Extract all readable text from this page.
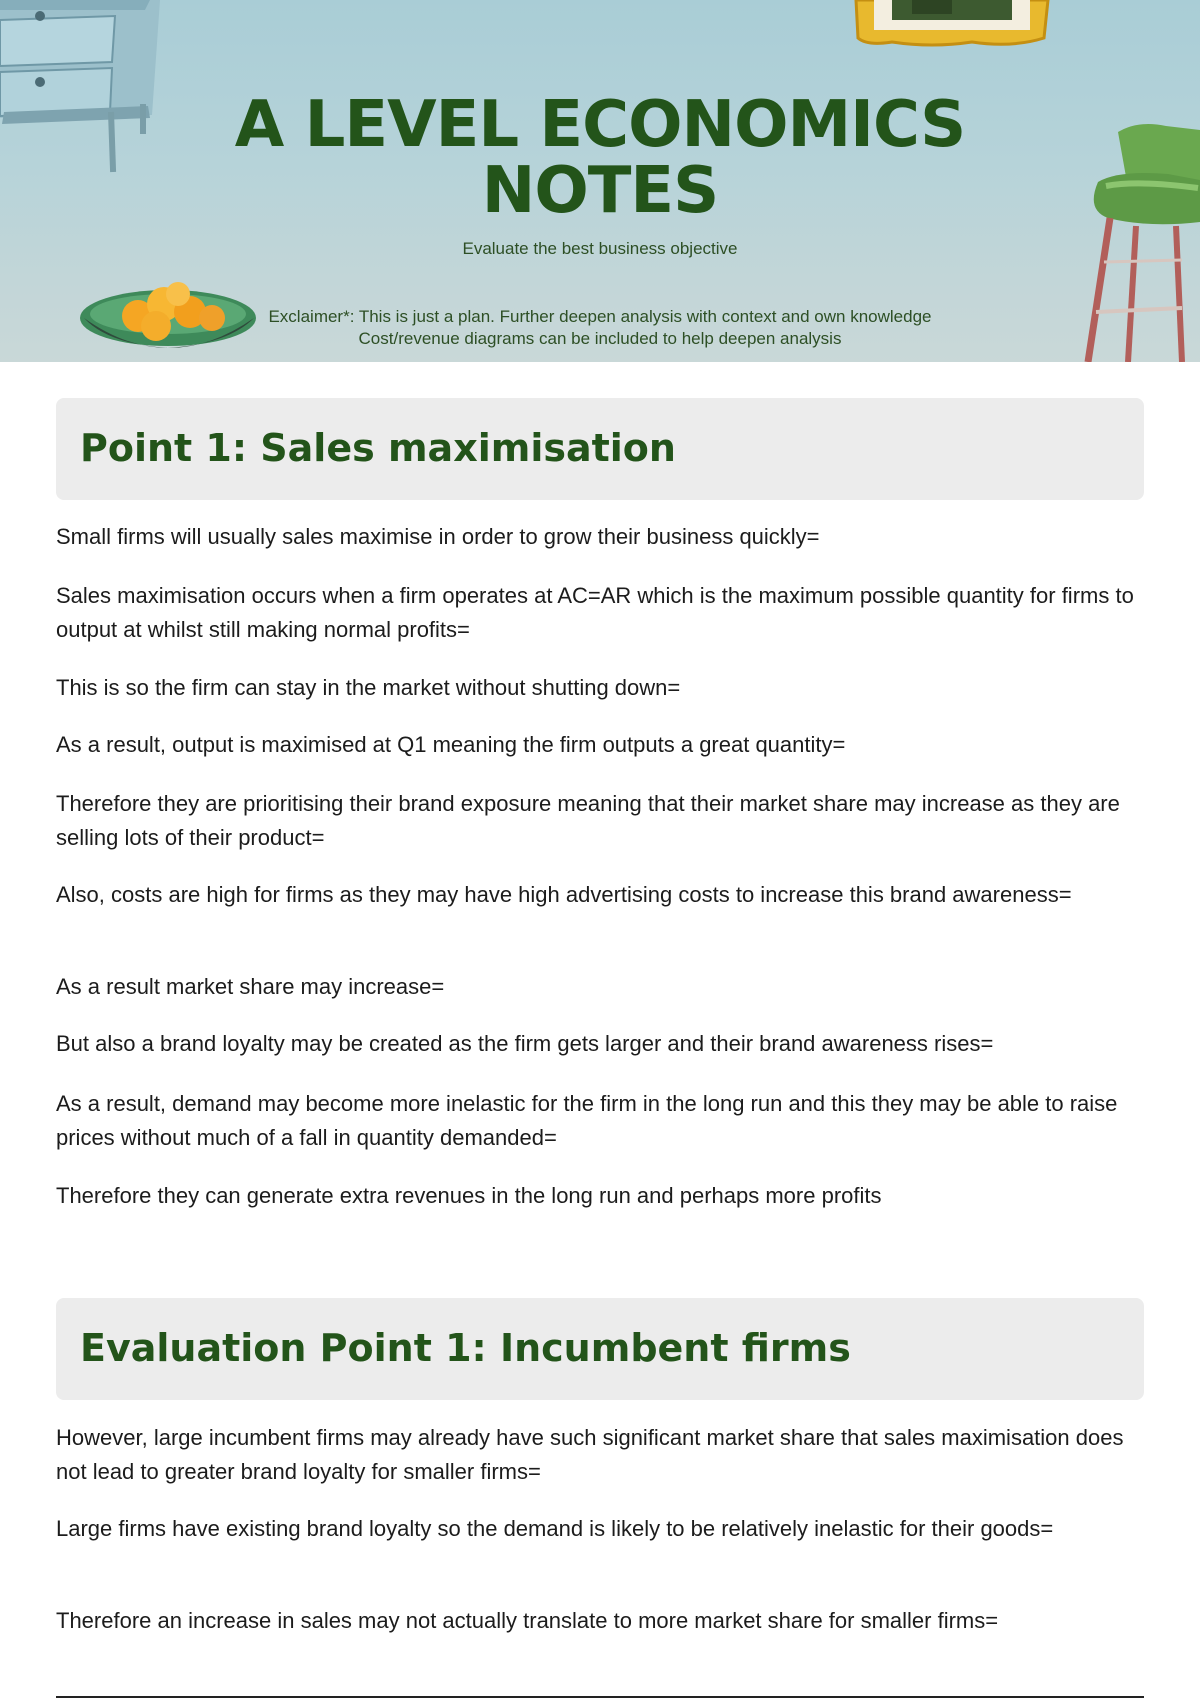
A LEVEL ECONOMICS
NOTES
Evaluate the best business objective
Exclaimer*: This is just a plan. Further deepen analysis with context and own knowledge
Cost/revenue diagrams can be included to help deepen analysis
Point 1: Sales maximisation

Small firms will usually sales maximise in order to grow their business quickly=

Sales maximisation occurs when a firm operates at AC=AR which is the maximum possible quantity for firms to output at whilst still making normal profits=

This is so the firm can stay in the market without shutting down=

As a result, output is maximised at Q1 meaning the firm outputs a great quantity=

Therefore they are prioritising their brand exposure meaning that their market share may increase as they are selling lots of their product=

Also, costs are high for firms as they may have high advertising costs to increase this brand awareness=

As a result market share may increase=

But also a brand loyalty may be created as the firm gets larger and their brand awareness rises=

As a result, demand may become more inelastic for the firm in the long run and this they may be able to raise prices without much of a fall in quantity demanded=

Therefore they can generate extra revenues in the long run and perhaps more profits

Evaluation Point 1: Incumbent firms

However, large incumbent firms may already have such significant market share that sales maximisation does not lead to greater brand loyalty for smaller firms=

Large firms have existing brand loyalty so the demand is likely to be relatively inelastic for their goods=

Therefore an increase in sales may not actually translate to more market share for smaller firms=
